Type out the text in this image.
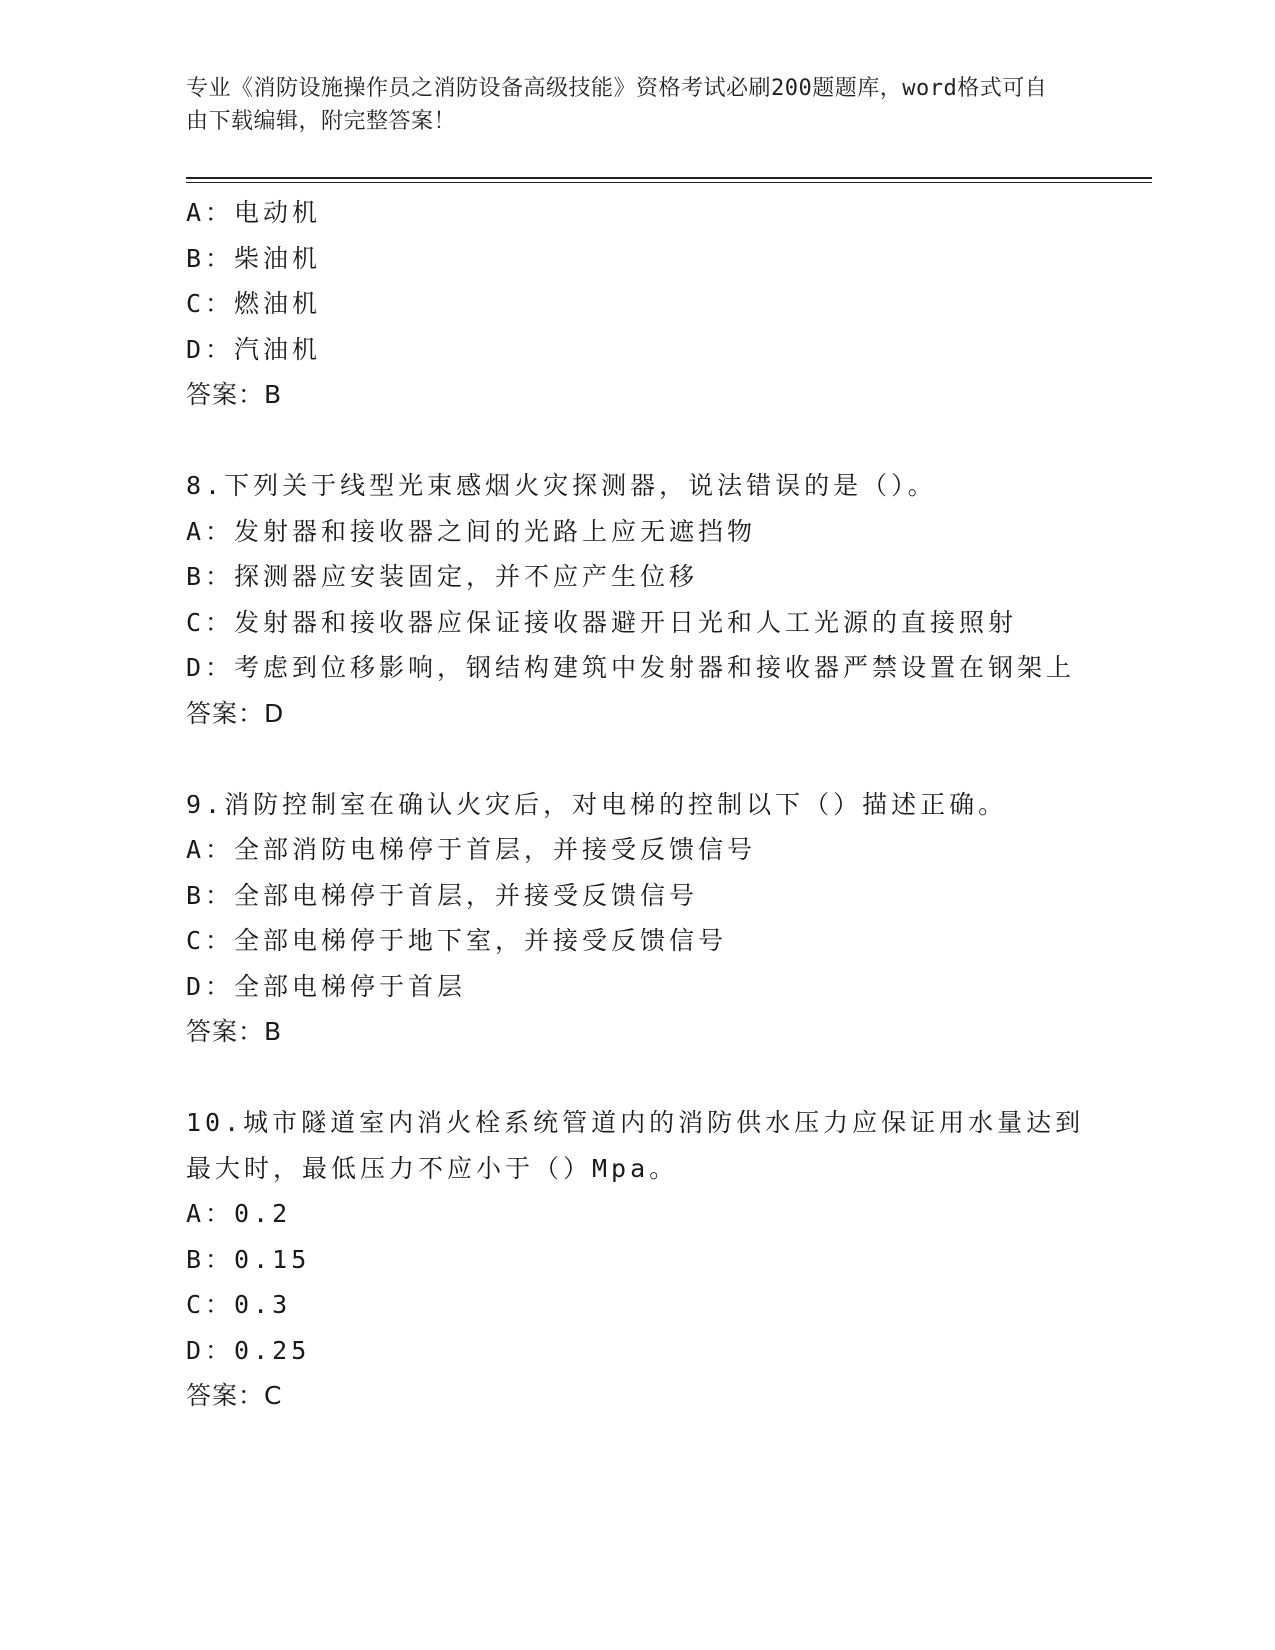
专业《消防设施操作员之消防设备高级技能》资格考试必刷200题题库，word格式可自由下载编辑，附完整答案！
A：电动机
B：柴油机
C：燃油机
D：汽油机
答案：B
8.下列关于线型光束感烟火灾探测器，说法错误的是（）。
A：发射器和接收器之间的光路上应无遮挡物
B：探测器应安装固定，并不应产生位移
C：发射器和接收器应保证接收器避开日光和人工光源的直接照射
D：考虑到位移影响，钢结构建筑中发射器和接收器严禁设置在钢架上
答案：D
9.消防控制室在确认火灾后，对电梯的控制以下（）描述正确。
A：全部消防电梯停于首层，并接受反馈信号
B：全部电梯停于首层，并接受反馈信号
C：全部电梯停于地下室，并接受反馈信号
D：全部电梯停于首层
答案：B
10.城市隧道室内消火栓系统管道内的消防供水压力应保证用水量达到最大时，最低压力不应小于（）Mpa。
A：0.2
B：0.15
C：0.3
D：0.25
答案：C
